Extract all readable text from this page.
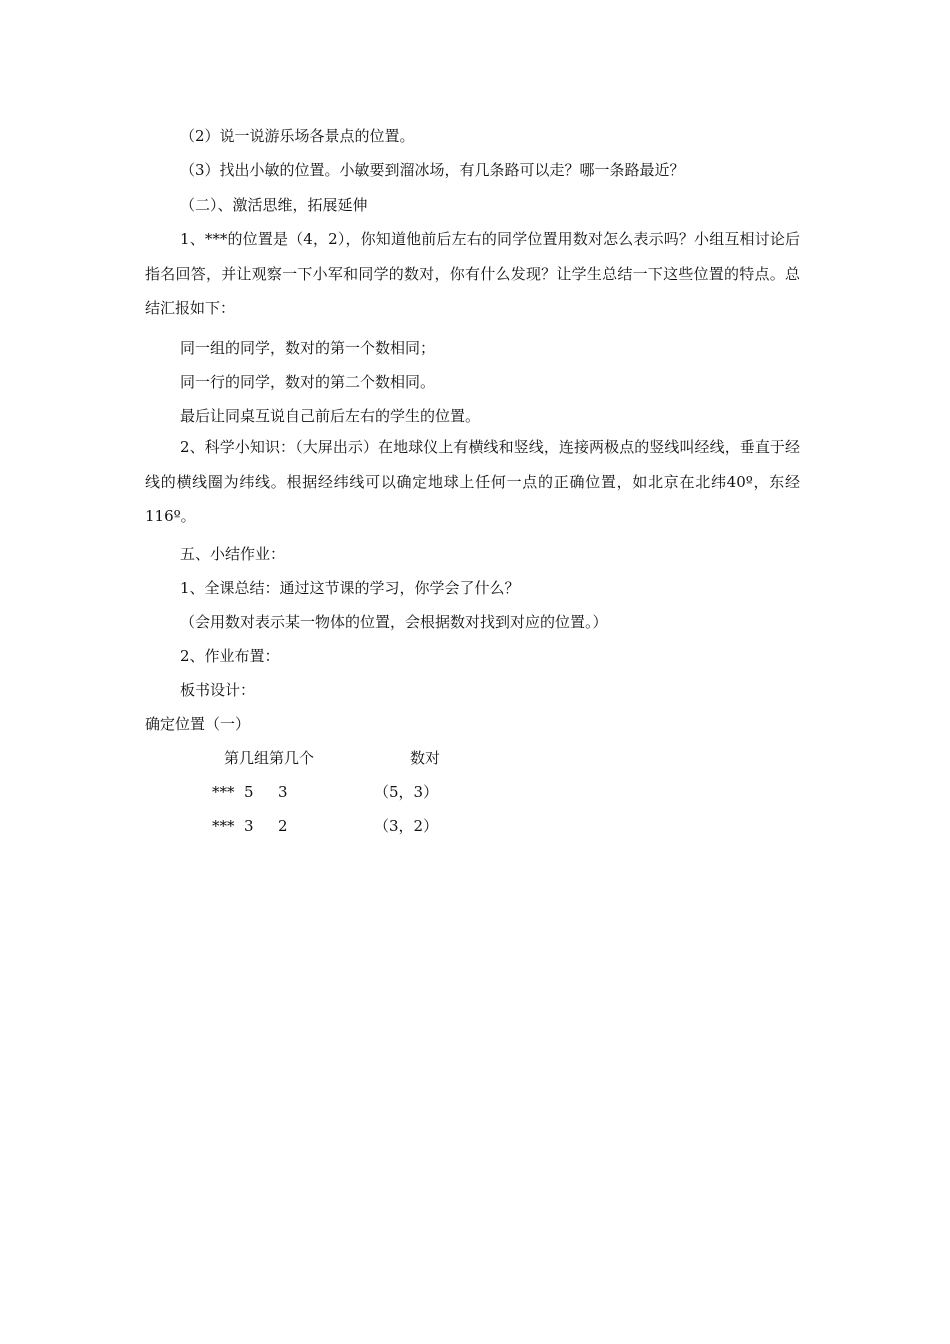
（2）说一说游乐场各景点的位置。
（3）找出小敏的位置。小敏要到溜冰场，有几条路可以走？哪一条路最近？
（二）、激活思维，拓展延伸

1、***的位置是（4，2），你知道他前后左右的同学位置用数对怎么表示吗？小组互相讨论后指名回答，并让观察一下小军和同学的数对，你有什么发现？让学生总结一下这些位置的特点。总结汇报如下：

同一组的同学，数对的第一个数相同；
同一行的同学，数对的第二个数相同。
最后让同桌互说自己前后左右的学生的位置。

2、科学小知识：（大屏出示）在地球仪上有横线和竖线，连接两极点的竖线叫经线，垂直于经线的横线圈为纬线。根据经纬线可以确定地球上任何一点的正确位置，如北京在北纬40º，东经116º。

五、小结作业：
1、全课总结：通过这节课的学习，你学会了什么？
（会用数对表示某一物体的位置，会根据数对找到对应的位置。）
2、作业布置：
板书设计：
确定位置（一）
第几组第几个	数对
*** 5 3	（5，3）
*** 3 2	（3，2）
